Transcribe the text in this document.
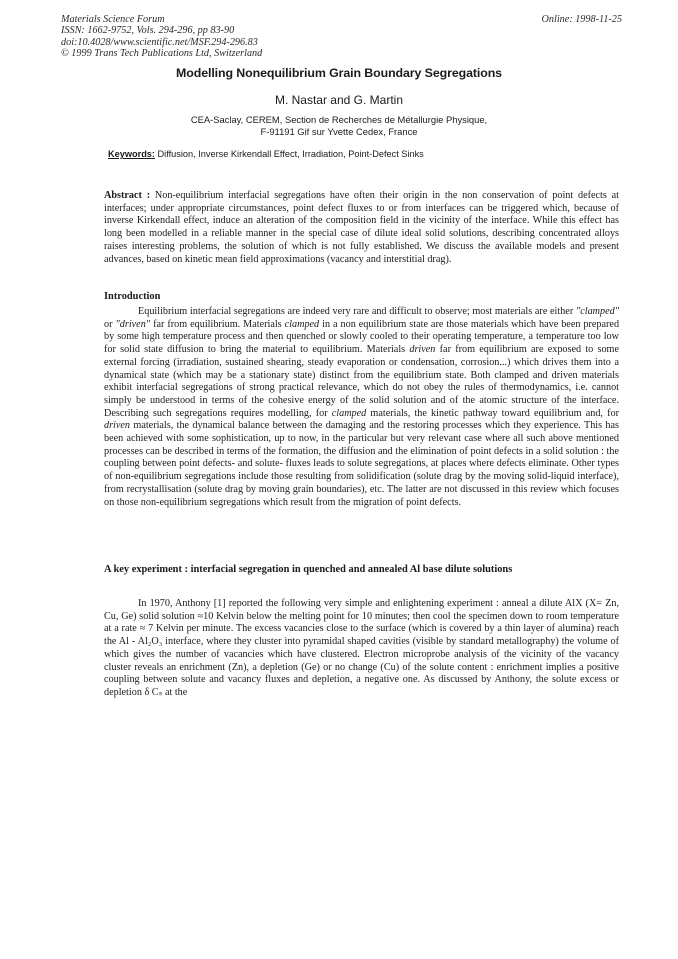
Materials Science Forum
ISSN: 1662-9752, Vols. 294-296, pp 83-90
doi:10.4028/www.scientific.net/MSF.294-296.83
© 1999 Trans Tech Publications Ltd, Switzerland
Online: 1998-11-25
Modelling Nonequilibrium Grain Boundary Segregations
M. Nastar and G. Martin
CEA-Saclay, CEREM, Section de Recherches de Métallurgie Physique,
F-91191 Gif sur Yvette Cedex, France
Keywords: Diffusion, Inverse Kirkendall Effect, Irradiation, Point-Defect Sinks
Abstract : Non-equilibrium interfacial segregations have often their origin in the non conservation of point defects at interfaces; under appropriate circumstances, point defect fluxes to or from interfaces can be triggered which, because of inverse Kirkendall effect, induce an alteration of the composition field in the vicinity of the interface. While this effect has long been modelled in a reliable manner in the special case of dilute ideal solid solutions, describing concentrated alloys raises interesting problems, the solution of which is not fully established. We discuss the available models and present advances, based on kinetic mean field approximations (vacancy and interstitial drag).
Introduction
Equilibrium interfacial segregations are indeed very rare and difficult to observe; most materials are either "clamped" or "driven" far from equilibrium. Materials clamped in a non equilibrium state are those materials which have been prepared by some high temperature process and then quenched or slowly cooled to their operating temperature, a temperature too low for solid state diffusion to bring the material to equilibrium. Materials driven far from equilibrium are exposed to some external forcing (irradiation, sustained shearing, steady evaporation or condensation, corrosion...) which drives them into a dynamical state (which may be a stationary state) distinct from the equilibrium state. Both clamped and driven materials exhibit interfacial segregations of strong practical relevance, which do not obey the rules of thermodynamics, i.e. cannot simply be understood in terms of the cohesive energy of the solid solution and of the atomic structure of the interface. Describing such segregations requires modelling, for clamped materials, the kinetic pathway toward equilibrium and, for driven materials, the dynamical balance between the damaging and the restoring processes which they experience. This has been achieved with some sophistication, up to now, in the particular but very relevant case where all such above mentioned processes can be described in terms of the formation, the diffusion and the elimination of point defects in a solid solution : the coupling between point defects- and solute- fluxes leads to solute segregations, at places where defects eliminate. Other types of non-equilibrium segregations include those resulting from solidification (solute drag by the moving solid-liquid interface), from recrystallisation (solute drag by moving grain boundaries), etc. The latter are not discussed in this review which focuses on those non-equilibrium segregations which result from the migration of point defects.
A key experiment : interfacial segregation in quenched and annealed Al base dilute solutions
In 1970, Anthony [1] reported the following very simple and enlightening experiment : anneal a dilute AlX (X= Zn, Cu, Ge) solid solution ≈10 Kelvin below the melting point for 10 minutes; then cool the specimen down to room temperature at a rate ≈ 7 Kelvin per minute. The excess vacancies close to the surface (which is covered by a thin layer of alumina) reach the Al - Al₂O₃ interface, where they cluster into pyramidal shaped cavities (visible by standard metallography) the volume of which gives the number of vacancies which have clustered. Electron microprobe analysis of the vicinity of the vacancy cluster reveals an enrichment (Zn), a depletion (Ge) or no change (Cu) of the solute content : enrichment implies a positive coupling between solute and vacancy fluxes and depletion, a negative one. As discussed by Anthony, the solute excess or depletion δ Cₛ at the
